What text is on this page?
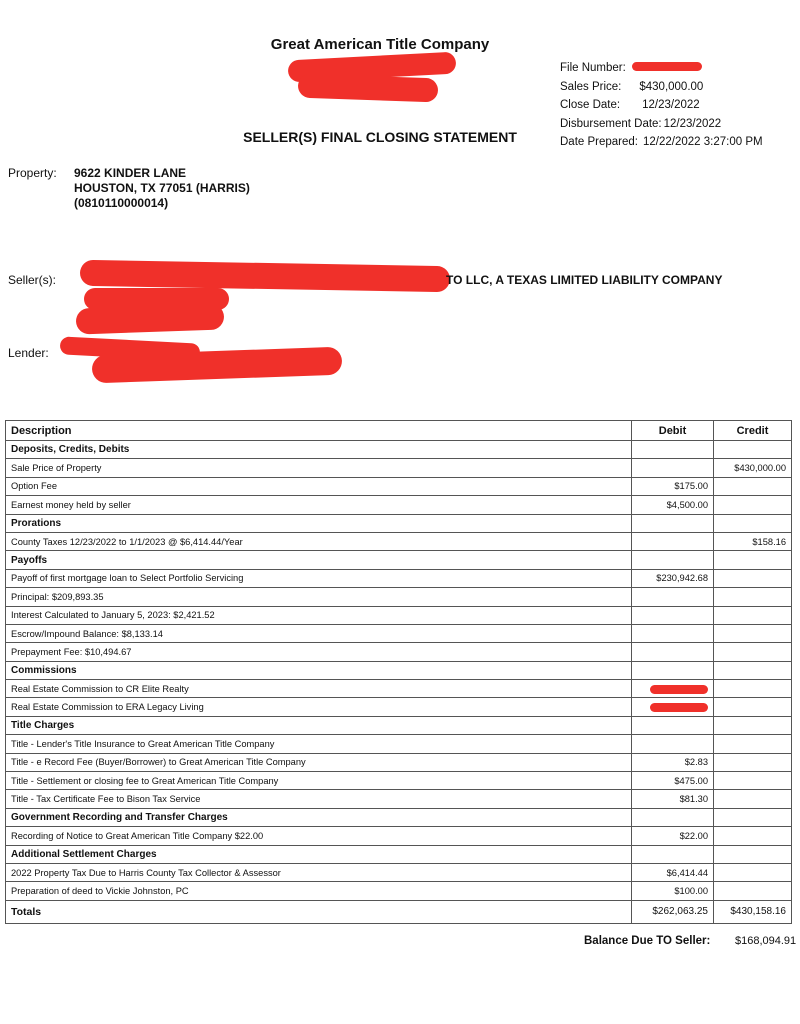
Great American Title Company
File Number:
Sales Price: $430,000.00
Close Date: 12/23/2022
Disbursement Date: 12/23/2022
Date Prepared: 12/22/2022 3:27:00 PM
SELLER(S) FINAL CLOSING STATEMENT
Property: 9622 KINDER LANE
HOUSTON, TX 77051 (HARRIS)
(0810110000014)
Seller(s):	TO LLC, A TEXAS LIMITED LIABILITY COMPANY
Lender:
Description	Debit	Credit
Deposits, Credits, Debits		
Sale Price of Property		$430,000.00
Option Fee	$175.00	
Earnest money held by seller	$4,500.00	
Prorations		
County Taxes 12/23/2022 to 1/1/2023 @ $6,414.44/Year		$158.16
Payoffs		
Payoff of first mortgage loan to Select Portfolio Servicing	$230,942.68	
Principal: $209,893.35		
Interest Calculated to January 5, 2023: $2,421.52		
Escrow/Impound Balance: $8,133.14		
Prepayment Fee: $10,494.67		
Commissions		
Real Estate Commission to CR Elite Realty		
Real Estate Commission to ERA Legacy Living		
Title Charges		
Title - Lender's Title Insurance to Great American Title Company		
Title - e Record Fee (Buyer/Borrower) to Great American Title Company	$2.83	
Title - Settlement or closing fee to Great American Title Company	$475.00	
Title - Tax Certificate Fee to Bison Tax Service	$81.30	
Government Recording and Transfer Charges		
Recording of Notice to Great American Title Company $22.00	$22.00	
Additional Settlement Charges		
2022 Property Tax Due to Harris County Tax Collector & Assessor	$6,414.44	
Preparation of deed to Vickie Johnston, PC	$100.00	
Totals	$262,063.25	$430,158.16
Balance Due TO Seller: $168,094.91
